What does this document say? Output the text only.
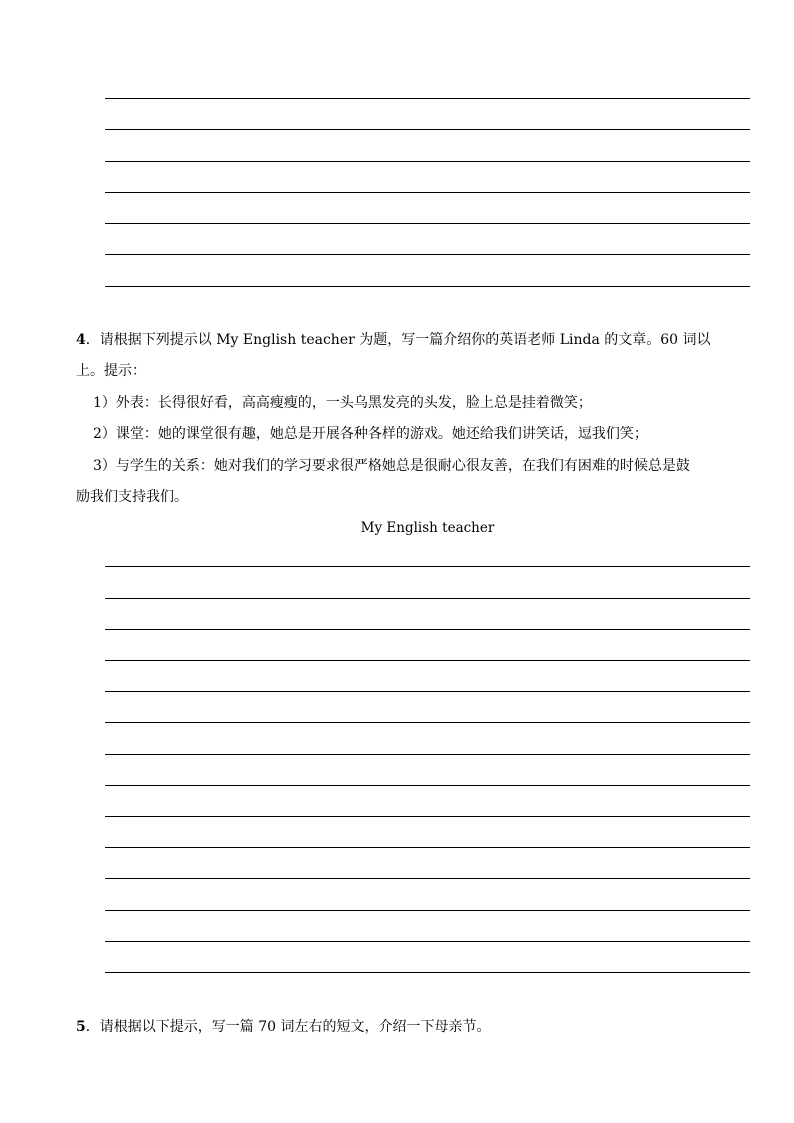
4．请根据下列提示以 My English teacher 为题，写一篇介绍你的英语老师 Linda 的文章。60 词以
上。提示：
1）外表：长得很好看，高高瘦瘦的，一头乌黑发亮的头发，脸上总是挂着微笑；
2）课堂：她的课堂很有趣，她总是开展各种各样的游戏。她还给我们讲笑话，逗我们笑；
3）与学生的关系：她对我们的学习要求很严格她总是很耐心很友善，在我们有困难的时候总是鼓
励我们支持我们。
My English teacher
5．请根据以下提示，写一篇 70 词左右的短文，介绍一下母亲节。
